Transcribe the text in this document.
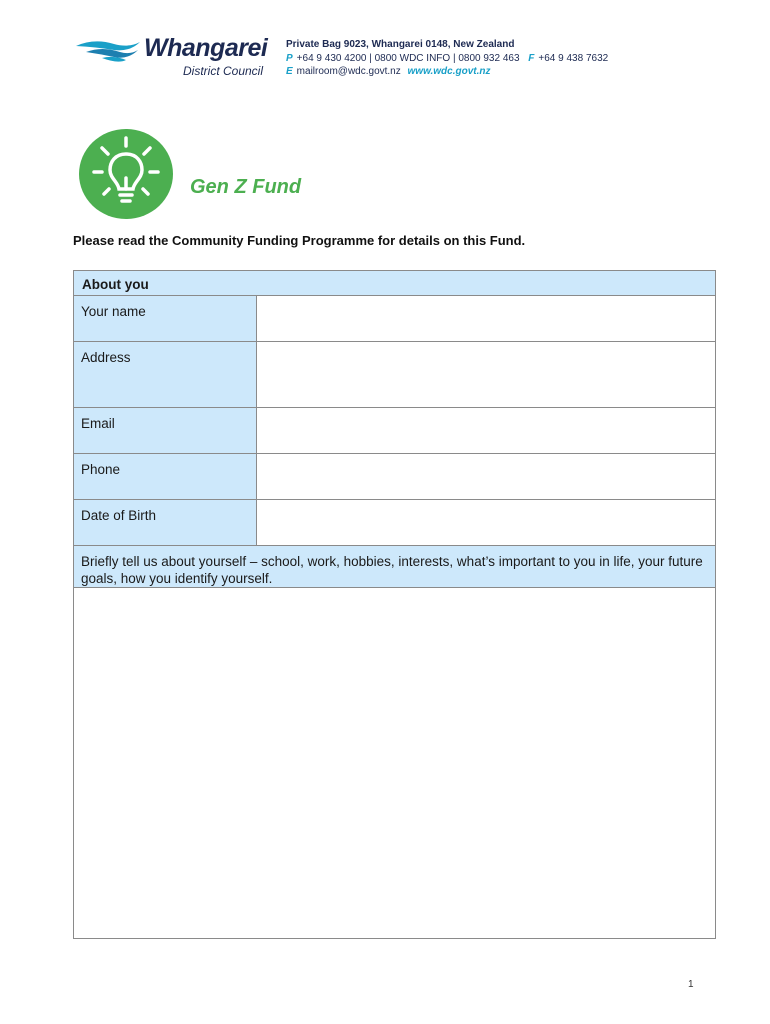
Whangarei
District Council
Private Bag 9023, Whangarei 0148, New Zealand
P +64 9 430 4200 | 0800 WDC INFO | 0800 932 463 F +64 9 438 7632
E mailroom@wdc.govt.nz www.wdc.govt.nz
Gen Z Fund
Please read the Community Funding Programme for details on this Fund.
About you	
Your name	
Address	
Email	
Phone	
Date of Birth	
Briefly tell us about yourself – school, work, hobbies, interests, what’s important to you in life, your future goals, how you identify yourself.	

1
